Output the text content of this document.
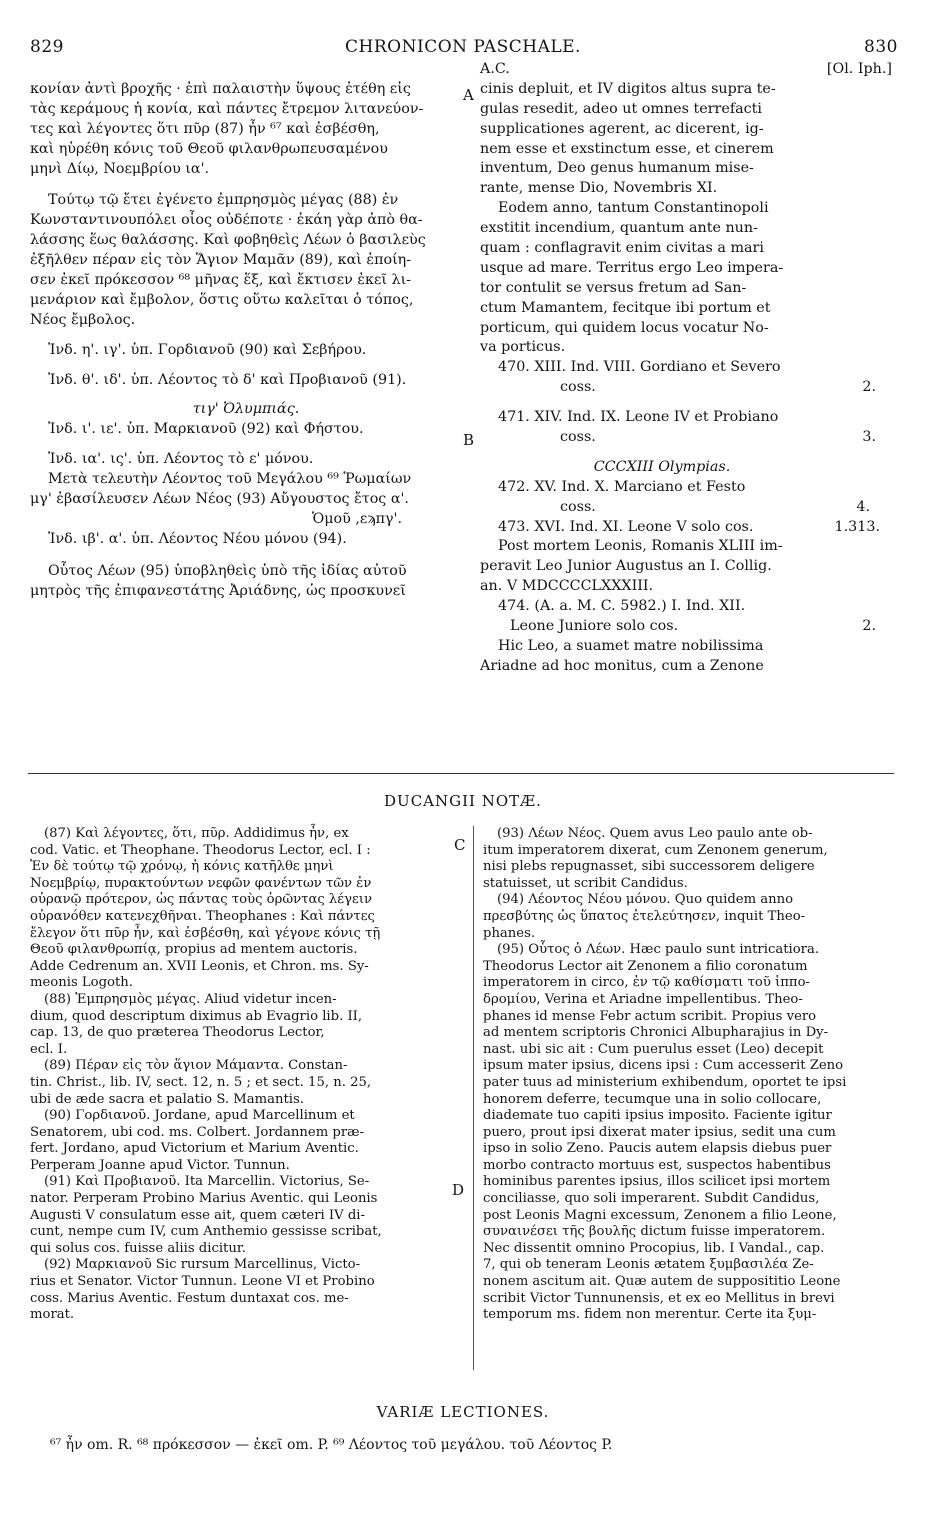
829	CHRONICON PASCHALE.	830
A
B
C
D
κονίαν ἀντὶ βροχῆς · ἐπὶ παλαιστὴν ὕψους ἐτέθη εἰς
τὰς κεράμους ἡ κονία, καὶ πάντες ἔτρεμον λιτανεύον-
τες καὶ λέγοντες ὅτι πῦρ (87) ἦν ⁶⁷ καὶ ἐσβέσθη,
καὶ ηὑρέθη κόνις τοῦ Θεοῦ φιλανθρωπευσαμένου
μηνὶ Δίῳ, Νοεμβρίου ια'.
Τούτῳ τῷ ἔτει ἐγένετο ἐμπρησμὸς μέγας (88) ἐν
Κωνσταντινουπόλει οἷος οὐδέποτε · ἐκάη γὰρ ἀπὸ θα-
λάσσης ἕως θαλάσσης. Καὶ φοβηθεὶς Λέων ὁ βασιλεὺς
ἐξῆλθεν πέραν εἰς τὸν Ἅγιον Μαμᾶν (89), καὶ ἐποίη-
σεν ἐκεῖ πρόκεσσον ⁶⁸ μῆνας ἕξ, καὶ ἔκτισεν ἐκεῖ λι-
μενάριον καὶ ἔμβολον, ὅστις οὕτω καλεῖται ὁ τόπος,
Νέος ἔμβολος.
Ἰνδ. η'. ιγ'. ὑπ. Γορδιανοῦ (90) καὶ Σεβήρου.
Ἰνδ. θ'. ιδ'. ὑπ. Λέοντος τὸ δ' καὶ Προβιανοῦ (91).
τιγ' Ὀλυμπιάς.
Ἰνδ. ι'. ιε'. ὑπ. Μαρκιανοῦ (92) καὶ Φήστου.
Ἰνδ. ια'. ις'. ὑπ. Λέοντος τὸ ε' μόνου.
Μετὰ τελευτὴν Λέοντος τοῦ Μεγάλου ⁶⁹ Ῥωμαίων
μγ' ἐβασίλευσεν Λέων Νέος (93) Αὔγουστος ἔτος α'.
Ὁμοῦ ,εϡπγ'.
Ἰνδ. ιβ'. α'. ὑπ. Λέοντος Νέου μόνου (94).
Οὗτος Λέων (95) ὑποβληθεὶς ὑπὸ τῆς ἰδίας αὐτοῦ
μητρὸς τῆς ἐπιφανεστάτης Ἀριάδνης, ὡς προσκυνεῖ
A.C.	[Ol. Iph.]
cinis depluit, et IV digitos altus supra te-
gulas resedit, adeo ut omnes terrefacti
supplicationes agerent, ac dicerent, ig-
nem esse et exstinctum esse, et cinerem
inventum, Deo genus humanum mise-
rante, mense Dio, Novembris XI.
Eodem anno, tantum Constantinopoli
exstitit incendium, quantum ante nun-
quam : conflagravit enim civitas a mari
usque ad mare. Territus ergo Leo impera-
tor contulit se versus fretum ad San-
ctum Mamantem, fecitque ibi portum et
porticum, qui quidem locus vocatur No-
va porticus.
470. XIII. Ind. VIII. Gordiano et Severo
coss.	2.
471. XIV. Ind. IX. Leone IV et Probiano
coss.	3.
CCCXIII Olympias.
472. XV. Ind. X. Marciano et Festo
coss.	4.
473. XVI. Ind. XI. Leone V solo cos.	1.313.
Post mortem Leonis, Romanis XLIII im-
peravit Leo Junior Augustus an I. Collig.
an. V MDCCCCLXXXIII.
474. (A. a. M. C. 5982.) I. Ind. XII.
Leone Juniore solo cos.	2.
Hic Leo, a suamet matre nobilissima
Ariadne ad hoc monitus, cum a Zenone
DUCANGII NOTÆ.
(87) Καὶ λέγοντες, ὅτι, πῦρ. Addidimus ἦν, ex
cod. Vatic. et Theophane. Theodorus Lector, ecl. I :
Ἐν δὲ τούτῳ τῷ χρόνῳ, ἡ κόνις κατῆλθε μηνὶ
Νοεμβρίῳ, πυρακτούντων νεφῶν φανέντων τῶν ἐν
οὐρανῷ πρότερον, ὡς πάντας τοὺς ὁρῶντας λέγειν
οὐρανόθεν κατενεχθῆναι. Theophanes : Καὶ πάντες
ἔλεγον ὅτι πῦρ ἦν, καὶ ἐσβέσθη, καὶ γέγονε κόνις τῇ
Θεοῦ φιλανθρωπίᾳ, propius ad mentem auctoris.
Adde Cedrenum an. XVII Leonis, et Chron. ms. Sy-
meonis Logoth.
(88) Ἐμπρησμὸς μέγας. Aliud videtur incen-
dium, quod descriptum diximus ab Evagrio lib. II,
cap. 13, de quo præterea Theodorus Lector,
ecl. I.
(89) Πέραν εἰς τὸν ἅγιον Μάμαντα. Constan-
tin. Christ., lib. IV, sect. 12, n. 5 ; et sect. 15, n. 25,
ubi de æde sacra et palatio S. Mamantis.
(90) Γορδιανοῦ. Jordane, apud Marcellinum et
Senatorem, ubi cod. ms. Colbert. Jordannem præ-
fert. Jordano, apud Victorium et Marium Aventic.
Perperam Joanne apud Victor. Tunnun.
(91) Καὶ Προβιανοῦ. Ita Marcellin. Victorius, Se-
nator. Perperam Probino Marius Aventic. qui Leonis
Augusti V consulatum esse ait, quem cæteri IV di-
cunt, nempe cum IV, cum Anthemio gessisse scribat,
qui solus cos. fuisse aliis dicitur.
(92) Μαρκιανοῦ Sic rursum Marcellinus, Victo-
rius et Senator. Victor Tunnun. Leone VI et Probino
coss. Marius Aventic. Festum duntaxat cos. me-
morat.
(93) Λέων Νέος. Quem avus Leo paulo ante ob-
itum imperatorem dixerat, cum Zenonem generum,
nisi plebs repugnasset, sibi successorem deligere
statuisset, ut scribit Candidus.
(94) Λέοντος Νέου μόνου. Quo quidem anno
πρεσβύτης ὡς ὕπατος ἐτελεύτησεν, inquit Theo-
phanes.
(95) Οὗτος ὁ Λέων. Hæc paulo sunt intricatiora.
Theodorus Lector ait Zenonem a filio coronatum
imperatorem in circo, ἐν τῷ καθίσματι τοῦ ἱππο-
δρομίου, Verina et Ariadne impellentibus. Theo-
phanes id mense Febr actum scribit. Propius vero
ad mentem scriptoris Chronici Albupharajius in Dy-
nast. ubi sic ait : Cum puerulus esset (Leo) decepit
ipsum mater ipsius, dicens ipsi : Cum accesserit Zeno
pater tuus ad ministerium exhibendum, oportet te ipsi
honorem deferre, tecumque una in solio collocare,
diademate tuo capiti ipsius imposito. Faciente igitur
puero, prout ipsi dixerat mater ipsius, sedit una cum
ipso in solio Zeno. Paucis autem elapsis diebus puer
morbo contracto mortuus est, suspectos habentibus
hominibus parentes ipsius, illos scilicet ipsi mortem
conciliasse, quo soli imperarent. Subdit Candidus,
post Leonis Magni excessum, Zenonem a filio Leone,
συναινέσει τῆς βουλῆς dictum fuisse imperatorem.
Nec dissentit omnino Procopius, lib. I Vandal., cap.
7, qui ob teneram Leonis ætatem ξυμβασιλέα Ze-
nonem ascitum ait. Quæ autem de supposititio Leone
scribit Victor Tunnunensis, et ex eo Mellitus in brevi
temporum ms. fidem non merentur. Certe ita ξυμ-
VARIÆ LECTIONES.
⁶⁷ ἦν om. R. ⁶⁸ πρόκεσσον — ἐκεῖ om. P. ⁶⁹ Λέοντος τοῦ μεγάλου. τοῦ Λέοντος P.
